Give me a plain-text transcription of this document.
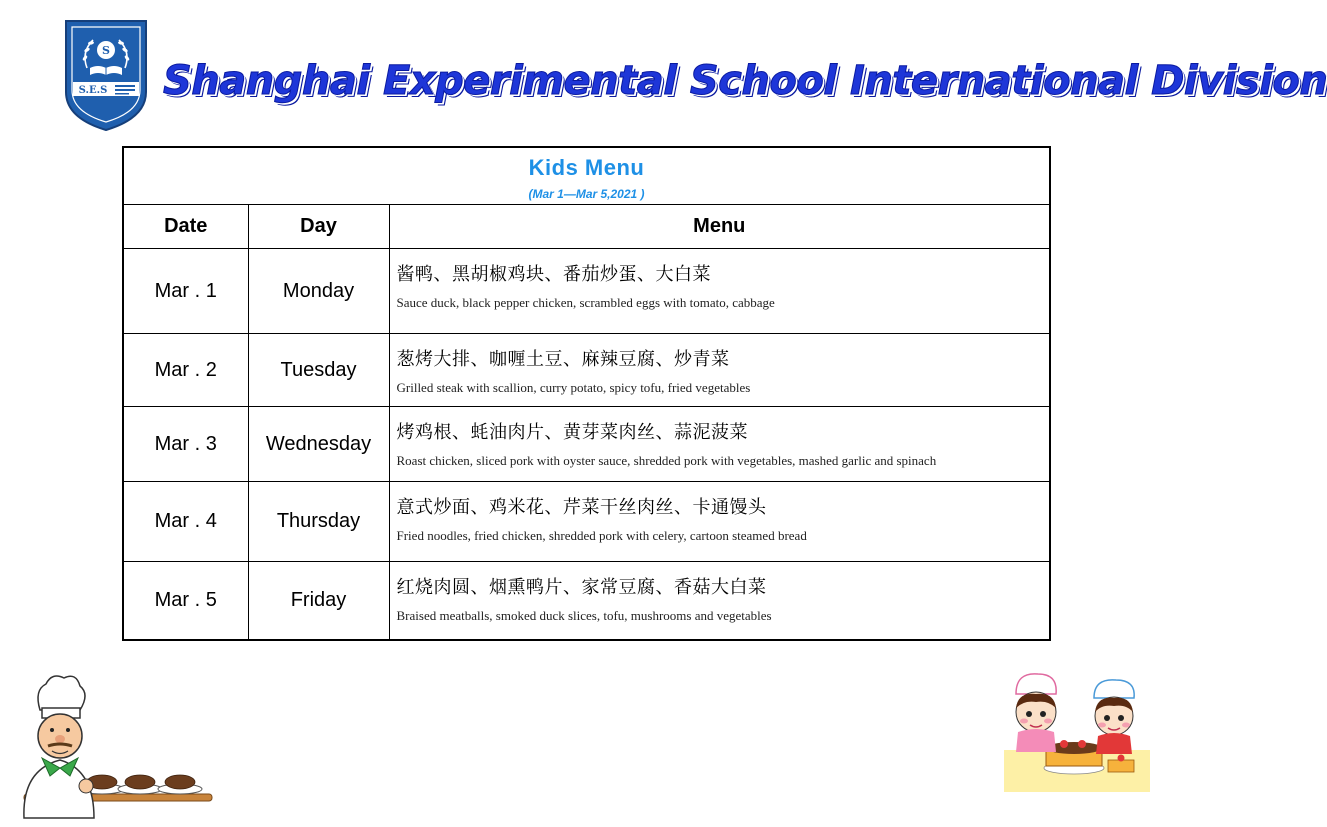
S
S.E.S Shanghai Experimental School International Division
Kids Menu
(Mar 1—Mar 5,2021 )		

Date	Day	Menu
Mar . 1	Monday	酱鸭、黑胡椒鸡块、番茄炒蛋、大白菜
Sauce duck, black pepper chicken, scrambled eggs with tomato, cabbage

Mar . 2	Tuesday	葱烤大排、咖喱土豆、麻辣豆腐、炒青菜
Grilled steak with scallion, curry potato, spicy tofu, fried vegetables

Mar . 3	Wednesday	烤鸡根、蚝油肉片、黄芽菜肉丝、蒜泥菠菜
Roast chicken, sliced pork with oyster sauce, shredded pork with vegetables, mashed garlic and spinach

Mar . 4	Thursday	意式炒面、鸡米花、芹菜干丝肉丝、卡通馒头
Fried noodles, fried chicken, shredded pork with celery, cartoon steamed bread

Mar . 5	Friday	红烧肉圆、烟熏鸭片、家常豆腐、香菇大白菜
Braised meatballs, smoked duck slices, tofu, mushrooms and vegetables
